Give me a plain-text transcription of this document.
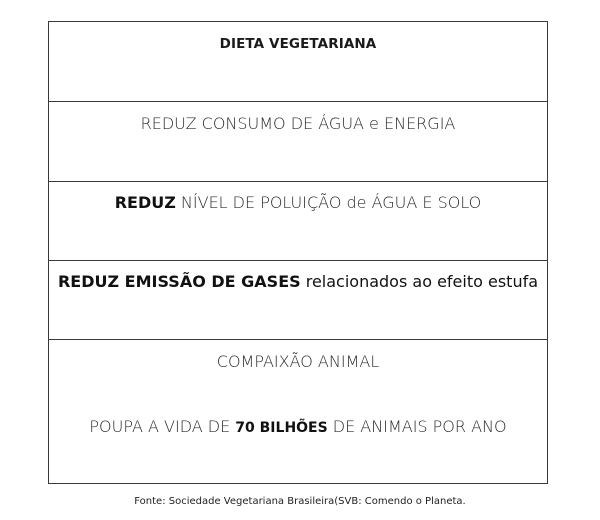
DIETA VEGETARIANA
REDUZ CONSUMO DE ÁGUA e ENERGIA
REDUZ NÍVEL DE POLUIÇÃO de ÁGUA E SOLO
REDUZ EMISSÃO DE GASES relacionados ao efeito estufa
COMPAIXÃO ANIMAL
POUPA A VIDA DE 70 BILHÕES DE ANIMAIS POR ANO
Fonte: Sociedade Vegetariana Brasileira(SVB: Comendo o Planeta.
